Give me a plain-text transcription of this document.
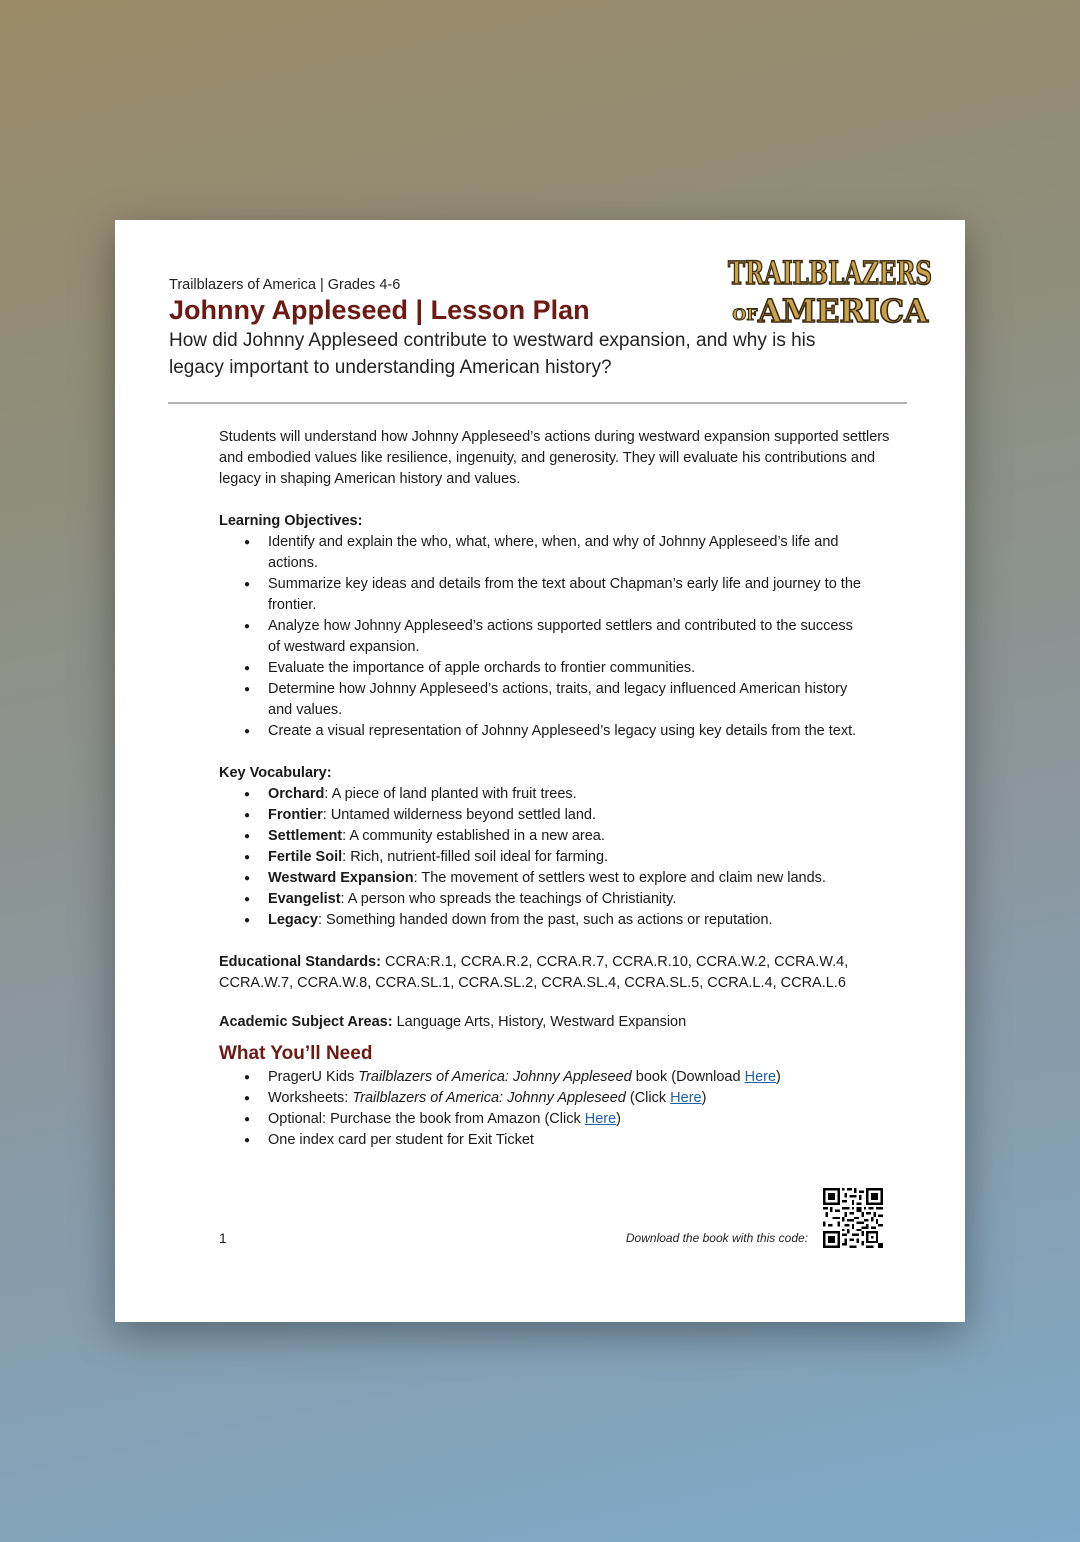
Trailblazers of America | Grades 4-6
Johnny Appleseed | Lesson Plan
How did Johnny Appleseed contribute to westward expansion, and why is his legacy important to understanding American history?
TRAILBLAZERS
OF AMERICA

Students will understand how Johnny Appleseed’s actions during westward expansion supported settlers and embodied values like resilience, ingenuity, and generosity. They will evaluate his contributions and legacy in shaping American history and values.

Learning Objectives:

● Identify and explain the who, what, where, when, and why of Johnny Appleseed’s life and actions.
● Summarize key ideas and details from the text about Chapman’s early life and journey to the frontier.
● Analyze how Johnny Appleseed’s actions supported settlers and contributed to the success of westward expansion.
● Evaluate the importance of apple orchards to frontier communities.
● Determine how Johnny Appleseed’s actions, traits, and legacy influenced American history and values.
● Create a visual representation of Johnny Appleseed’s legacy using key details from the text.

Key Vocabulary:

● Orchard: A piece of land planted with fruit trees.
● Frontier: Untamed wilderness beyond settled land.
● Settlement: A community established in a new area.
● Fertile Soil: Rich, nutrient-filled soil ideal for farming.
● Westward Expansion: The movement of settlers west to explore and claim new lands.
● Evangelist: A person who spreads the teachings of Christianity.
● Legacy: Something handed down from the past, such as actions or reputation.

Educational Standards: CCRA:R.1, CCRA.R.2, CCRA.R.7, CCRA.R.10, CCRA.W.2, CCRA.W.4, CCRA.W.7, CCRA.W.8, CCRA.SL.1, CCRA.SL.2, CCRA.SL.4, CCRA.SL.5, CCRA.L.4, CCRA.L.6

Academic Subject Areas: Language Arts, History, Westward Expansion

What You’ll Need
● PragerU Kids Trailblazers of America: Johnny Appleseed book (Download Here)
● Worksheets: Trailblazers of America: Johnny Appleseed (Click Here)
● Optional: Purchase the book from Amazon (Click Here)
● One index card per student for Exit Ticket
1	Download the book with this code:
